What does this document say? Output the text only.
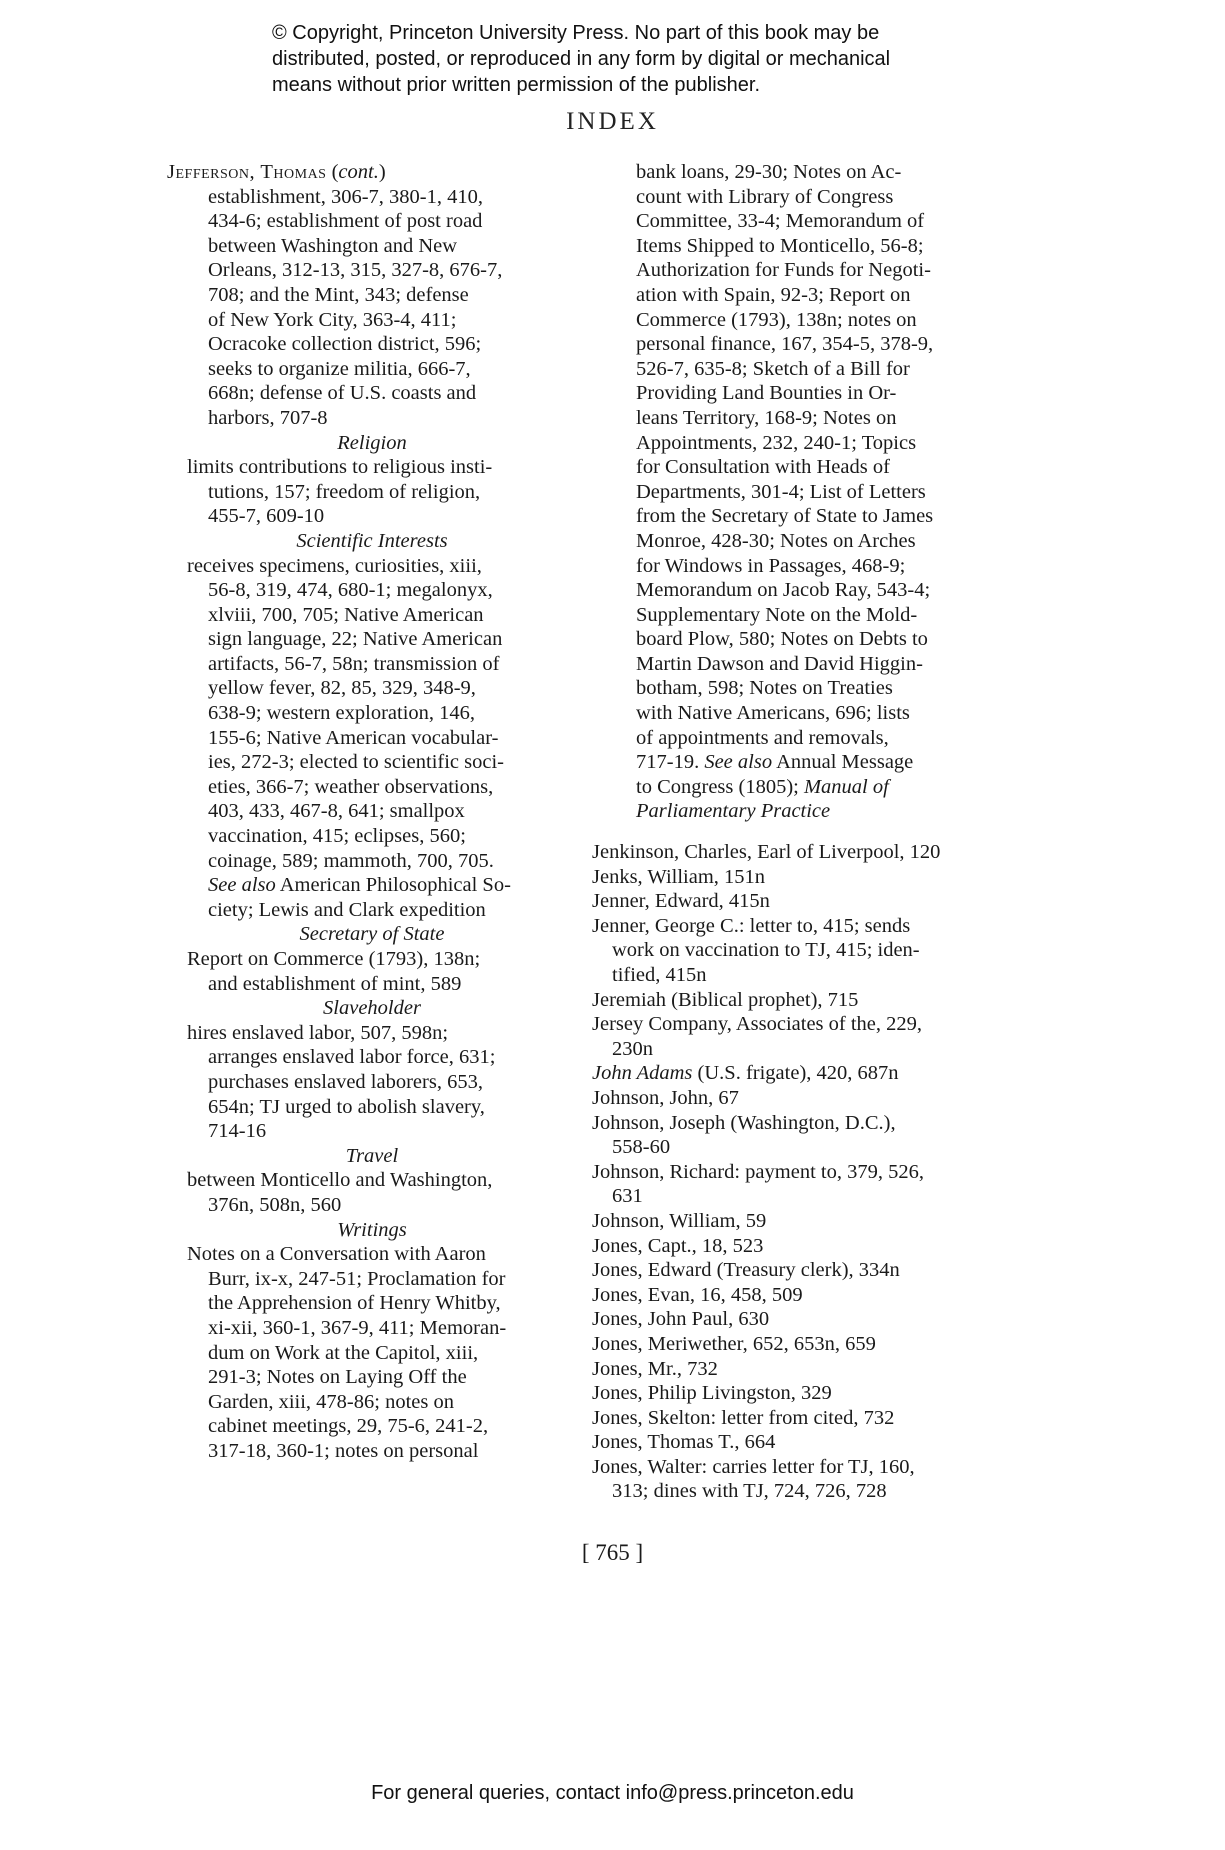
© Copyright, Princeton University Press. No part of this book may be
distributed, posted, or reproduced in any form by digital or mechanical
means without prior written permission of the publisher.
INDEX
Jefferson, Thomas (cont.)
establishment, 306-7, 380-1, 410,
434-6; establishment of post road
between Washington and New
Orleans, 312-13, 315, 327-8, 676-7,
708; and the Mint, 343; defense
of New York City, 363-4, 411;
Ocracoke collection district, 596;
seeks to organize militia, 666-7,
668n; defense of U.S. coasts and
harbors, 707-8
Religion
limits contributions to religious insti-
tutions, 157; freedom of religion,
455-7, 609-10
Scientific Interests
receives specimens, curiosities, xiii,
56-8, 319, 474, 680-1; megalonyx,
xlviii, 700, 705; Native American
sign language, 22; Native American
artifacts, 56-7, 58n; transmission of
yellow fever, 82, 85, 329, 348-9,
638-9; western exploration, 146,
155-6; Native American vocabular-
ies, 272-3; elected to scientific soci-
eties, 366-7; weather observations,
403, 433, 467-8, 641; smallpox
vaccination, 415; eclipses, 560;
coinage, 589; mammoth, 700, 705.
See also American Philosophical So-
ciety; Lewis and Clark expedition
Secretary of State
Report on Commerce (1793), 138n;
and establishment of mint, 589
Slaveholder
hires enslaved labor, 507, 598n;
arranges enslaved labor force, 631;
purchases enslaved laborers, 653,
654n; TJ urged to abolish slavery,
714-16
Travel
between Monticello and Washington,
376n, 508n, 560
Writings
Notes on a Conversation with Aaron
Burr, ix-x, 247-51; Proclamation for
the Apprehension of Henry Whitby,
xi-xii, 360-1, 367-9, 411; Memoran-
dum on Work at the Capitol, xiii,
291-3; Notes on Laying Off the
Garden, xiii, 478-86; notes on
cabinet meetings, 29, 75-6, 241-2,
317-18, 360-1; notes on personal
bank loans, 29-30; Notes on Ac-
count with Library of Congress
Committee, 33-4; Memorandum of
Items Shipped to Monticello, 56-8;
Authorization for Funds for Negoti-
ation with Spain, 92-3; Report on
Commerce (1793), 138n; notes on
personal finance, 167, 354-5, 378-9,
526-7, 635-8; Sketch of a Bill for
Providing Land Bounties in Or-
leans Territory, 168-9; Notes on
Appointments, 232, 240-1; Topics
for Consultation with Heads of
Departments, 301-4; List of Letters
from the Secretary of State to James
Monroe, 428-30; Notes on Arches
for Windows in Passages, 468-9;
Memorandum on Jacob Ray, 543-4;
Supplementary Note on the Mold-
board Plow, 580; Notes on Debts to
Martin Dawson and David Higgin-
botham, 598; Notes on Treaties
with Native Americans, 696; lists
of appointments and removals,
717-19. See also Annual Message
to Congress (1805); Manual of
Parliamentary Practice
Jenkinson, Charles, Earl of Liverpool, 120
Jenks, William, 151n
Jenner, Edward, 415n
Jenner, George C.: letter to, 415; sends
work on vaccination to TJ, 415; iden-
tified, 415n
Jeremiah (Biblical prophet), 715
Jersey Company, Associates of the, 229,
230n
John Adams (U.S. frigate), 420, 687n
Johnson, John, 67
Johnson, Joseph (Washington, D.C.),
558-60
Johnson, Richard: payment to, 379, 526,
631
Johnson, William, 59
Jones, Capt., 18, 523
Jones, Edward (Treasury clerk), 334n
Jones, Evan, 16, 458, 509
Jones, John Paul, 630
Jones, Meriwether, 652, 653n, 659
Jones, Mr., 732
Jones, Philip Livingston, 329
Jones, Skelton: letter from cited, 732
Jones, Thomas T., 664
Jones, Walter: carries letter for TJ, 160,
313; dines with TJ, 724, 726, 728
[ 765 ]
For general queries, contact info@press.princeton.edu
